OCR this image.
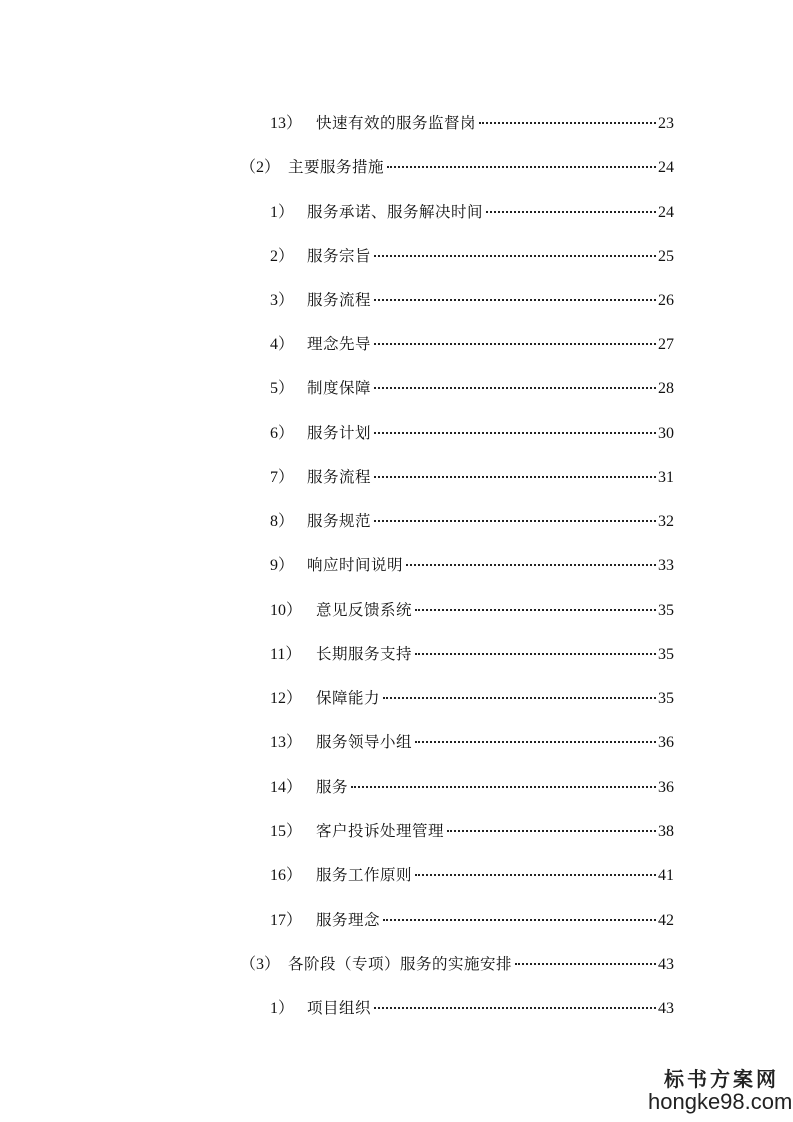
13） 快速有效的服务监督岗	23
（2） 主要服务措施	24
1） 服务承诺、服务解决时间	24
2） 服务宗旨	25
3） 服务流程	26
4） 理念先导	27
5） 制度保障	28
6） 服务计划	30
7） 服务流程	31
8） 服务规范	32
9） 响应时间说明	33
10） 意见反馈系统	35
11） 长期服务支持	35
12） 保障能力	35
13） 服务领导小组	36
14） 服务	36
15） 客户投诉处理管理	38
16） 服务工作原则	41
17） 服务理念	42
（3） 各阶段（专项）服务的实施安排	43
1） 项目组织	43
标书方案网
hongke98.com
